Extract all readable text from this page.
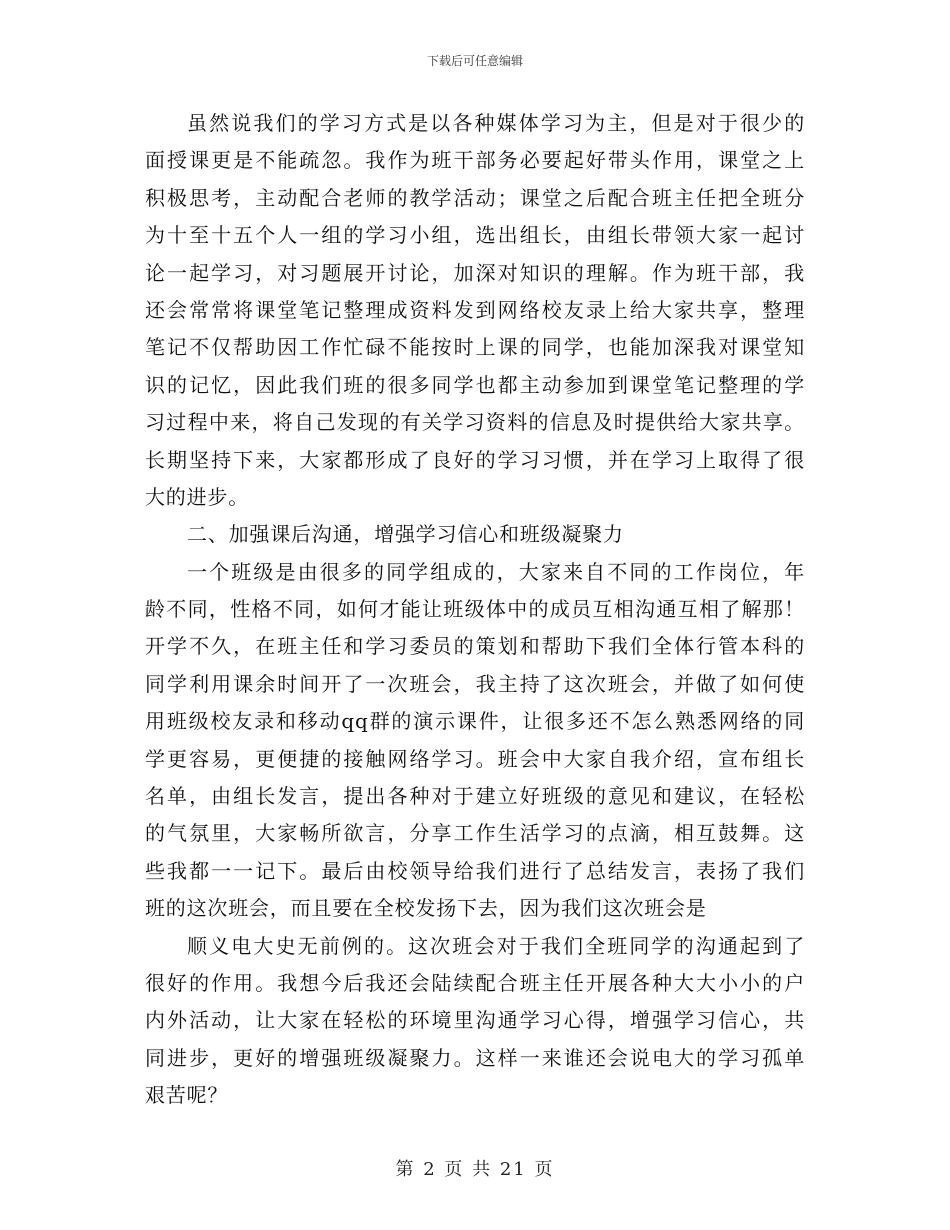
下载后可任意编辑
虽然说我们的学习方式是以各种媒体学习为主，但是对于很少的
面授课更是不能疏忽。我作为班干部务必要起好带头作用，课堂之上
积极思考，主动配合老师的教学活动；课堂之后配合班主任把全班分
为十至十五个人一组的学习小组，选出组长，由组长带领大家一起讨
论一起学习，对习题展开讨论，加深对知识的理解。作为班干部，我
还会常常将课堂笔记整理成资料发到网络校友录上给大家共享，整理
笔记不仅帮助因工作忙碌不能按时上课的同学，也能加深我对课堂知
识的记忆，因此我们班的很多同学也都主动参加到课堂笔记整理的学
习过程中来，将自己发现的有关学习资料的信息及时提供给大家共享。
长期坚持下来，大家都形成了良好的学习习惯，并在学习上取得了很
大的进步。
二、加强课后沟通，增强学习信心和班级凝聚力
一个班级是由很多的同学组成的，大家来自不同的工作岗位，年
龄不同，性格不同，如何才能让班级体中的成员互相沟通互相了解那！
开学不久，在班主任和学习委员的策划和帮助下我们全体行管本科的
同学利用课余时间开了一次班会，我主持了这次班会，并做了如何使
用班级校友录和移动qq群的演示课件，让很多还不怎么熟悉网络的同
学更容易，更便捷的接触网络学习。班会中大家自我介绍，宣布组长
名单，由组长发言，提出各种对于建立好班级的意见和建议，在轻松
的气氛里，大家畅所欲言，分享工作生活学习的点滴，相互鼓舞。这
些我都一一记下。最后由校领导给我们进行了总结发言，表扬了我们
班的这次班会，而且要在全校发扬下去，因为我们这次班会是
顺义电大史无前例的。这次班会对于我们全班同学的沟通起到了
很好的作用。我想今后我还会陆续配合班主任开展各种大大小小的户
内外活动，让大家在轻松的环境里沟通学习心得，增强学习信心，共
同进步，更好的增强班级凝聚力。这样一来谁还会说电大的学习孤单
艰苦呢？
第 2 页 共 21 页
